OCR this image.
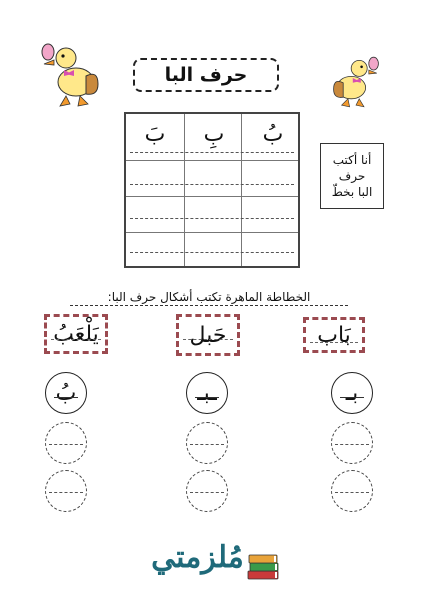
حرف البا
بُ
بِ
بَ
أنا أكتب
حرف
البا بخطّ
الخطاطة الماهرة تكتب أشكال حرف البا:
بَاب
حَبل
يَلْعَبُ
بـ
ـبـ
بُ
مُلزمتي
